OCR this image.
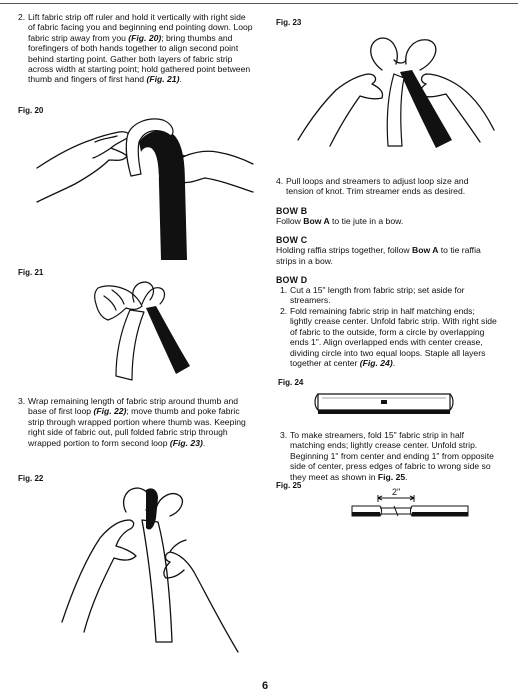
2. Lift fabric strip off ruler and hold it vertically with right side of fabric facing you and beginning end pointing down. Loop fabric strip away from you (Fig. 20); bring thumbs and forefingers of both hands together to align second point behind starting point. Gather both layers of fabric strip across width at starting point; hold gathered point between thumb and fingers of first hand (Fig. 21).
Fig. 20
Fig. 21
3. Wrap remaining length of fabric strip around thumb and base of first loop (Fig. 22); move thumb and poke fabric strip through wrapped portion where thumb was. Keeping right side of fabric out, pull folded fabric strip through wrapped portion to form second loop (Fig. 23).
Fig. 22
Fig. 23
4. Pull loops and streamers to adjust loop size and tension of knot. Trim streamer ends as desired.
BOW B
Follow Bow A to tie jute in a bow.
BOW C
Holding raffia strips together, follow Bow A to tie raffia strips in a bow.
BOW D
1. Cut a 15" length from fabric strip; set aside for streamers.
2. Fold remaining fabric strip in half matching ends; lightly crease center. Unfold fabric strip. With right side of fabric to the outside, form a circle by overlapping ends 1". Align overlapped ends with center crease, dividing circle into two equal loops. Staple all layers together at center (Fig. 24).
Fig. 24
3. To make streamers, fold 15" fabric strip in half matching ends; lightly crease center. Unfold strip. Beginning 1" from center and ending 1" from opposite side of center, press edges of fabric to wrong side so they meet as shown in Fig. 25.
Fig. 25
2"
6
